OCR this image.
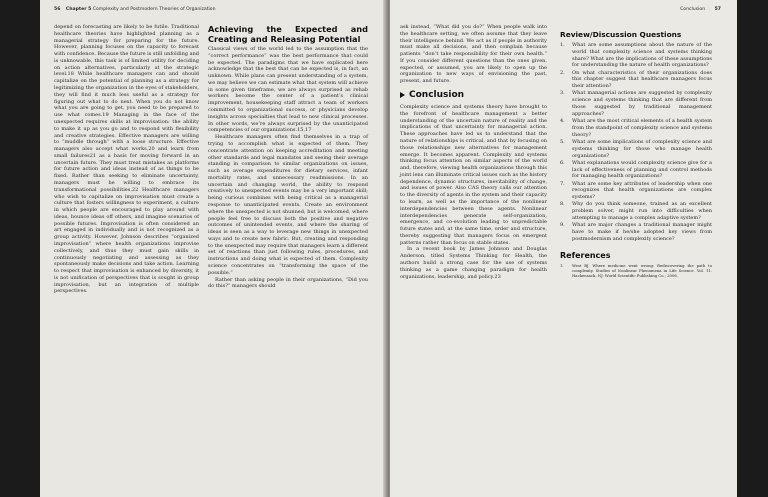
56 Chapter 5 Complexity and Postmodern Theories of Organization

depend on forecasting are likely to be futile. Traditional healthcare theories have highlighted planning as a managerial strategy for preparing for the future. However, planning focuses on the capacity to forecast with confidence. Because the future is still unfolding and is unknowable, this task is of limited utility for deciding on action alternatives, particularly at the strategic level.18 While healthcare managers can and should capitalize on the potential of planning as a strategy for legitimizing the organization in the eyes of stakeholders, they will find it much less useful as a strategy for figuring out what to do next. When you do not know what you are going to get, you need to be prepared to use what comes.19 Managing in the face of the unexpected requires skills at improvisation: the ability to make it up as you go and to respond with flexibility and creative strategies. Effective managers are willing to “muddle through” with a loose structure. Effective managers also accept what works,20 and learn from small failures21 as a basis for moving forward in an uncertain future. They must treat mistakes as platforms for future action and ideas instead of as things to be fixed. Rather than seeking to eliminate uncertainty, managers must be willing to embrace its transformational possibilities.22 Healthcare managers who wish to capitalize on improvisation must create a culture that fosters willingness to experiment, a culture in which people are encouraged to play around with ideas, bounce ideas off others, and imagine scenarios of possible futures. Improvisation is often considered an art engaged in individually and is not recognized as a group activity. However, Johnson describes “organized improvisation” where health organizations improvise collectively, and thus they must gain skills in continuously negotiating and assessing as they spontaneously make decisions and take action. Learning to respect that improvisation is enhanced by diversity, it is not unification of perspectives that is sought in group improvisation, but an integration of multiple perspectives.

Achieving the Expected and Creating and Releasing Potential

Classical views of the world led to the assumption that the “correct performance” was the best performance that could be expected. The paradigms that we have explicated here acknowledge that the best that can be expected is, in fact, an unknown. While plans can present understanding of a system, we may believe we can estimate what that system will achieve in some given timeframe, we are always surprised as rehab workers become the center of a patient’s clinical improvement, housekeeping staff attract a team of workers committed to organizational success, or physicians develop insights across specialties that lead to new clinical processes. In other words, we’re always surprised by the unanticipated competencies of our organizations.15,17

Healthcare managers often find themselves in a trap of trying to accomplish what is expected of them. They concentrate attention on keeping accreditation and meeting other standards and legal mandates and seeing their average standing in comparison to similar organizations on issues, such as average expenditures for dietary services, infant mortality rates, and unnecessary readmissions. In an uncertain and changing world, the ability to respond creatively to unexpected events may be a very important skill; being curious combines with being critical as a managerial response to unanticipated events. Create an environment where the unexpected is not shunned, but is welcomed, where people feel free to discuss both the positive and negative outcomes of unintended events, and where the sharing of ideas is seen as a way to leverage new things in unexpected ways and to create new fabric. But, creating and responding to the unexpected may require that managers learn a different set of reactions than just following rules, procedures, and instructions and doing what is expected of them. Complexity science concentrates on “transforming the space of the possible.”

Rather than asking people in their organizations, “Did you do this?” managers should

Conclusion 57

ask instead, “What did you do?” When people walk into the healthcare setting, we often assume that they leave their intelligence behind. We act as if people in authority must make all decisions, and then complain because patients “don’t take responsibility for their own health.” If you consider different questions than the ones given, expected, or assumed, you are likely to open up the organization to new ways of envisioning the past, present, and future.

Conclusion

Complexity science and systems theory have brought to the forefront of healthcare management a better understanding of the uncertain nature of reality and the implications of that uncertainty for managerial action. These approaches have led us to understand that the nature of relationships is critical, and that by focusing on those relationships new alternatives for management emerge. It becomes apparent. Complexity and systems thinking focus attention on similar aspects of the world and, therefore, viewing health organizations through this joint lens can illuminate critical issues such as the history dependence, dynamic structures, inevitability of change, and issues of power. Also CAS theory calls our attention to the diversity of agents in the system and their capacity to learn, as well as the importance of the nonlinear interdependencies between these agents. Nonlinear interdependencies generate self-organization, emergence, and co-evolution leading to unpredictable future states and, at the same time, order and structure, thereby suggesting that managers focus on emergent patterns rather than focus on stable states.

In a recent book by James Johnson and Douglas Anderson, titled Systems Thinking for Health, the authors build a strong case for the use of systems thinking as a game changing paradigm for health organizations, leadership, and policy.23

Review/Discussion Questions
1.	What are some assumptions about the nature of the world that complexity science and systems thinking share? What are the implications of these assumptions for understanding the nature of health organizations?
2.	On what characteristics of their organizations does this chapter suggest that healthcare managers focus their attention?
3.	What managerial actions are suggested by complexity science and systems thinking that are different from those suggested by traditional management approaches?
4.	What are the most critical elements of a health system from the standpoint of complexity science and systems theory?
5.	What are some implications of complexity science and systems thinking for those who manage health organizations?
6.	What explanations would complexity science give for a lack of effectiveness of planning and control methods for managing health organizations?
7.	What are some key attributes of leadership when one recognizes that health organizations are complex systems?
8.	Why do you think someone, trained as an excellent problem solver, might run into difficulties when attempting to manage a complex adaptive system?
9.	What are major changes a traditional manager might have to make if he/she adopted key views from postmodernism and complexity science?
References
1.	West BJ. Where medicine went wrong: Rediscovering the path to complexity. Studies of Nonlinear Phenomena in Life Science. Vol. 11. Hackensack, NJ: World Scientific Publishing Co.; 2006.
